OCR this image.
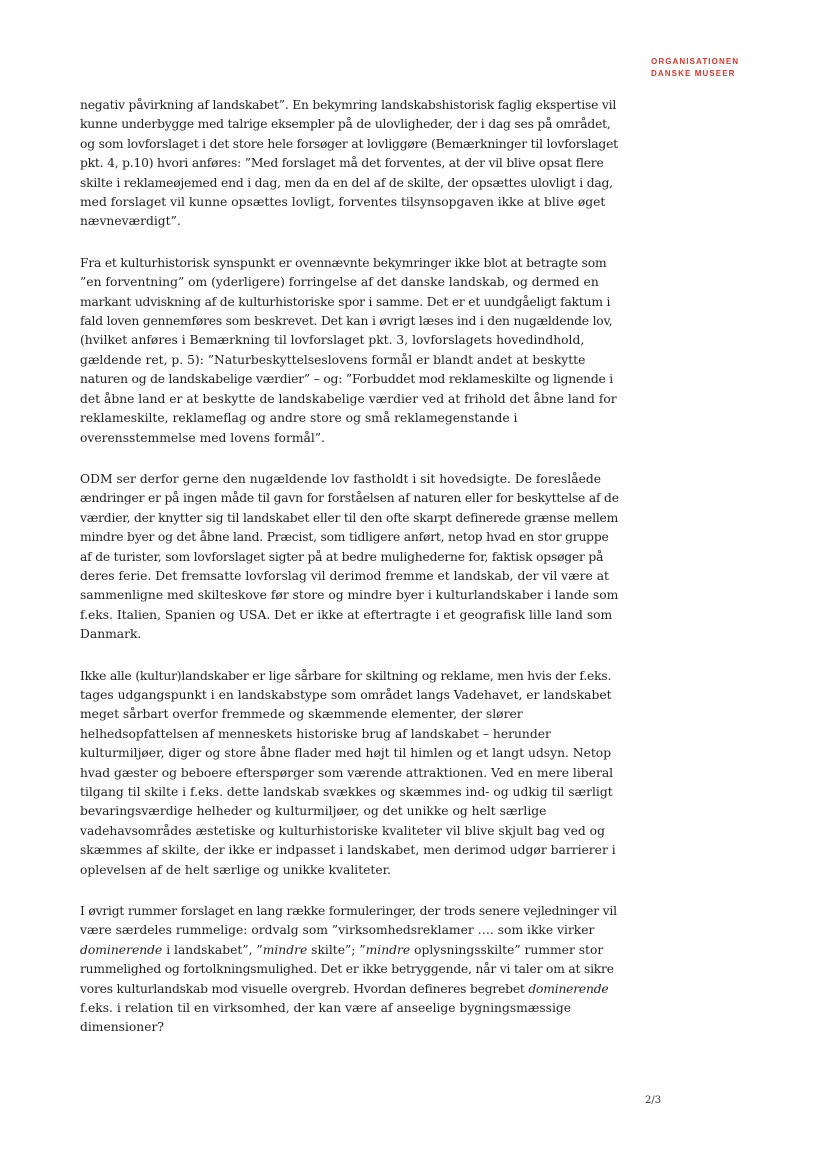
ORGANISATIONEN
DANSKE MUSEER

negativ påvirkning af landskabet”. En bekymring landskabshistorisk faglig ekspertise vil
kunne underbygge med talrige eksempler på de ulovligheder, der i dag ses på området,
og som lovforslaget i det store hele forsøger at lovliggøre (Bemærkninger til lovforslaget
pkt. 4, p.10) hvori anføres: ”Med forslaget må det forventes, at der vil blive opsat flere
skilte i reklameøjemed end i dag, men da en del af de skilte, der opsættes ulovligt i dag,
med forslaget vil kunne opsættes lovligt, forventes tilsynsopgaven ikke at blive øget
nævneværdigt”.

Fra et kulturhistorisk synspunkt er ovennævnte bekymringer ikke blot at betragte som
”en forventning” om (yderligere) forringelse af det danske landskab, og dermed en
markant udviskning af de kulturhistoriske spor i samme. Det er et uundgåeligt faktum i
fald loven gennemføres som beskrevet. Det kan i øvrigt læses ind i den nugældende lov,
(hvilket anføres i Bemærkning til lovforslaget pkt. 3, lovforslagets hovedindhold,
gældende ret, p. 5): ”Naturbeskyttelseslovens formål er blandt andet at beskytte
naturen og de landskabelige værdier” – og: ”Forbuddet mod reklameskilte og lignende i
det åbne land er at beskytte de landskabelige værdier ved at frihold det åbne land for
reklameskilte, reklameflag og andre store og små reklamegenstande i
overensstemmelse med lovens formål”.

ODM ser derfor gerne den nugældende lov fastholdt i sit hovedsigte. De foreslåede
ændringer er på ingen måde til gavn for forståelsen af naturen eller for beskyttelse af de
værdier, der knytter sig til landskabet eller til den ofte skarpt definerede grænse mellem
mindre byer og det åbne land. Præcist, som tidligere anført, netop hvad en stor gruppe
af de turister, som lovforslaget sigter på at bedre mulighederne for, faktisk opsøger på
deres ferie. Det fremsatte lovforslag vil derimod fremme et landskab, der vil være at
sammenligne med skilteskove før store og mindre byer i kulturlandskaber i lande som
f.eks. Italien, Spanien og USA. Det er ikke at eftertragte i et geografisk lille land som
Danmark.

Ikke alle (kultur)landskaber er lige sårbare for skiltning og reklame, men hvis der f.eks.
tages udgangspunkt i en landskabstype som området langs Vadehavet, er landskabet
meget sårbart overfor fremmede og skæmmende elementer, der slører
helhedsopfattelsen af menneskets historiske brug af landskabet – herunder
kulturmiljøer, diger og store åbne flader med højt til himlen og et langt udsyn. Netop
hvad gæster og beboere efterspørger som værende attraktionen. Ved en mere liberal
tilgang til skilte i f.eks. dette landskab svækkes og skæmmes ind- og udkig til særligt
bevaringsværdige helheder og kulturmiljøer, og det unikke og helt særlige
vadehavsområdes æstetiske og kulturhistoriske kvaliteter vil blive skjult bag ved og
skæmmes af skilte, der ikke er indpasset i landskabet, men derimod udgør barrierer i
oplevelsen af de helt særlige og unikke kvaliteter.

I øvrigt rummer forslaget en lang række formuleringer, der trods senere vejledninger vil
være særdeles rummelige: ordvalg som ”virksomhedsreklamer …. som ikke virker
dominerende i landskabet”, ”mindre skilte”; ”mindre oplysningsskilte” rummer stor
rummelighed og fortolkningsmulighed. Det er ikke betryggende, når vi taler om at sikre
vores kulturlandskab mod visuelle overgreb. Hvordan defineres begrebet dominerende
f.eks. i relation til en virksomhed, der kan være af anseelige bygningsmæssige
dimensioner?

2/3
